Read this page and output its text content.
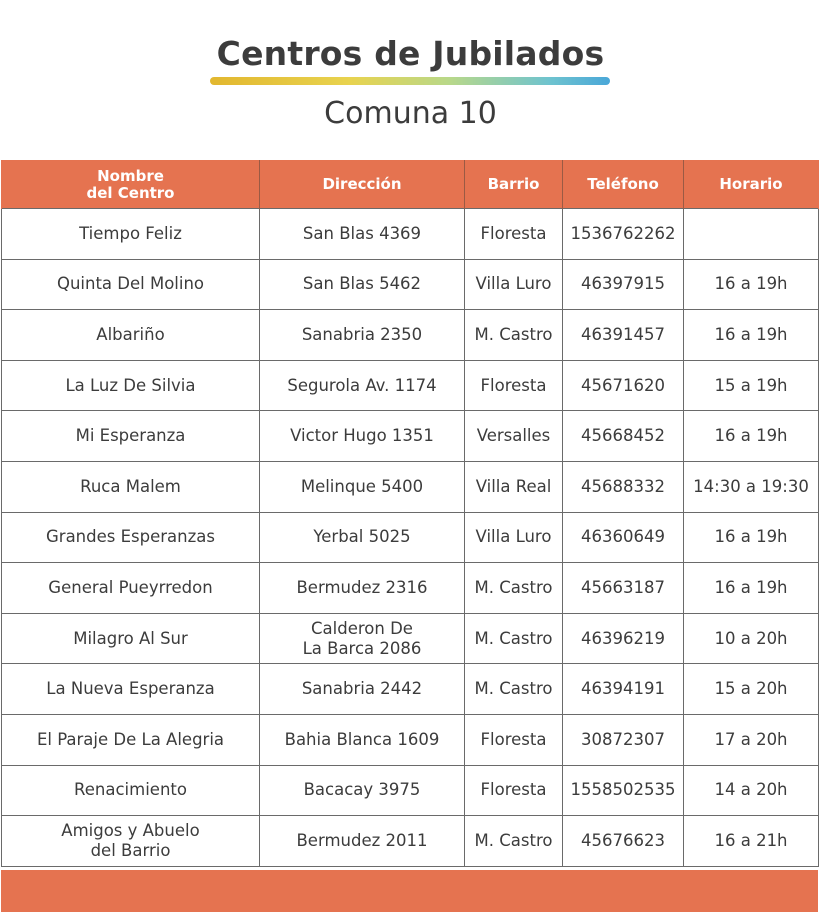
Centros de Jubilados
Comuna 10
Nombre
del Centro	Dirección	Barrio	Teléfono	Horario

Tiempo Feliz	San Blas 4369	Floresta	1536762262	

Quinta Del Molino	San Blas 5462	Villa Luro	46397915	16 a 19h

Albariño	Sanabria 2350	M. Castro	46391457	16 a 19h

La Luz De Silvia	Segurola Av. 1174	Floresta	45671620	15 a 19h

Mi Esperanza	Victor Hugo 1351	Versalles	45668452	16 a 19h

Ruca Malem	Melinque 5400	Villa Real	45688332	14:30 a 19:30

Grandes Esperanzas	Yerbal 5025	Villa Luro	46360649	16 a 19h

General Pueyrredon	Bermudez 2316	M. Castro	45663187	16 a 19h

Milagro Al Sur	Calderon De
La Barca 2086	M. Castro	46396219	10 a 20h

La Nueva Esperanza	Sanabria 2442	M. Castro	46394191	15 a 20h

El Paraje De La Alegria	Bahia Blanca 1609	Floresta	30872307	17 a 20h

Renacimiento	Bacacay 3975	Floresta	1558502535	14 a 20h

Amigos y Abuelo
del Barrio	Bermudez 2011	M. Castro	45676623	16 a 21h
